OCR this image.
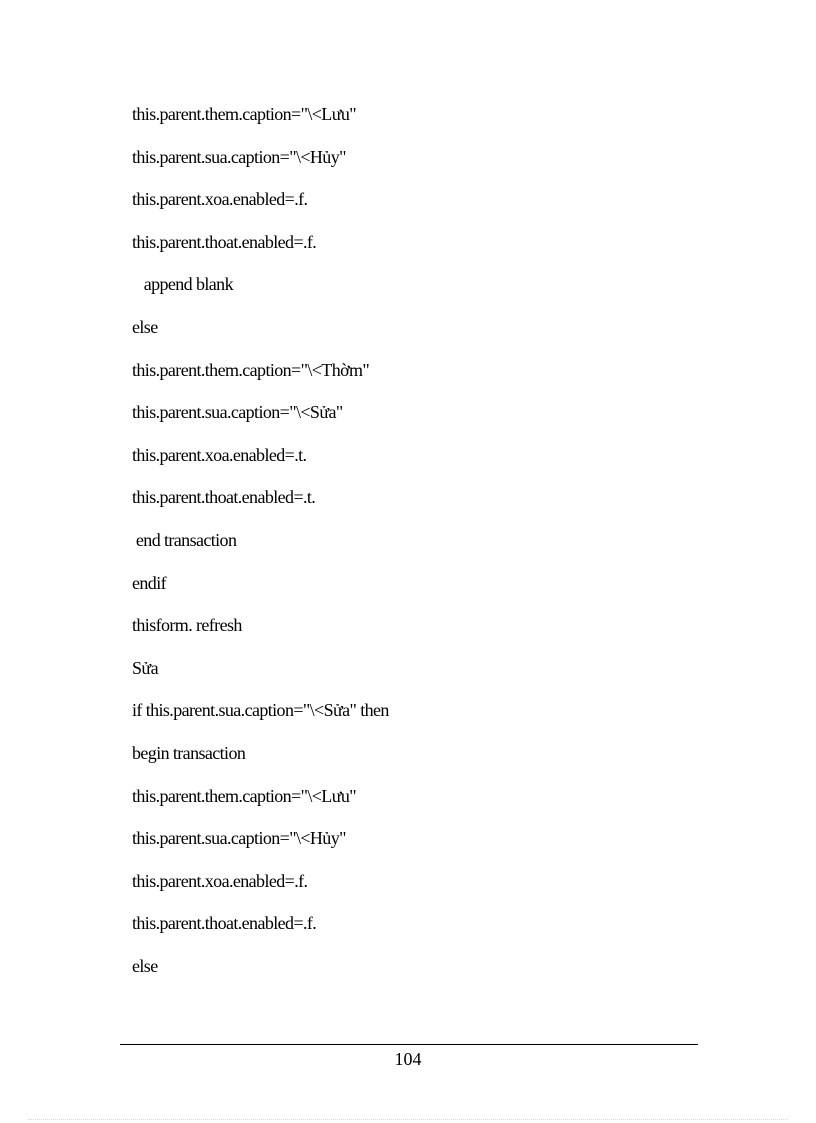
this.parent.them.caption="\<Lưu"
this.parent.sua.caption="\<Hủy"
this.parent.xoa.enabled=.f.
this.parent.thoat.enabled=.f.
append blank
else
this.parent.them.caption="\<Thờm"
this.parent.sua.caption="\<Sửa"
this.parent.xoa.enabled=.t.
this.parent.thoat.enabled=.t.
end transaction
endif
thisform. refresh
Sửa
if this.parent.sua.caption="\<Sửa" then
begin transaction
this.parent.them.caption="\<Lưu"
this.parent.sua.caption="\<Hủy"
this.parent.xoa.enabled=.f.
this.parent.thoat.enabled=.f.
else
104
